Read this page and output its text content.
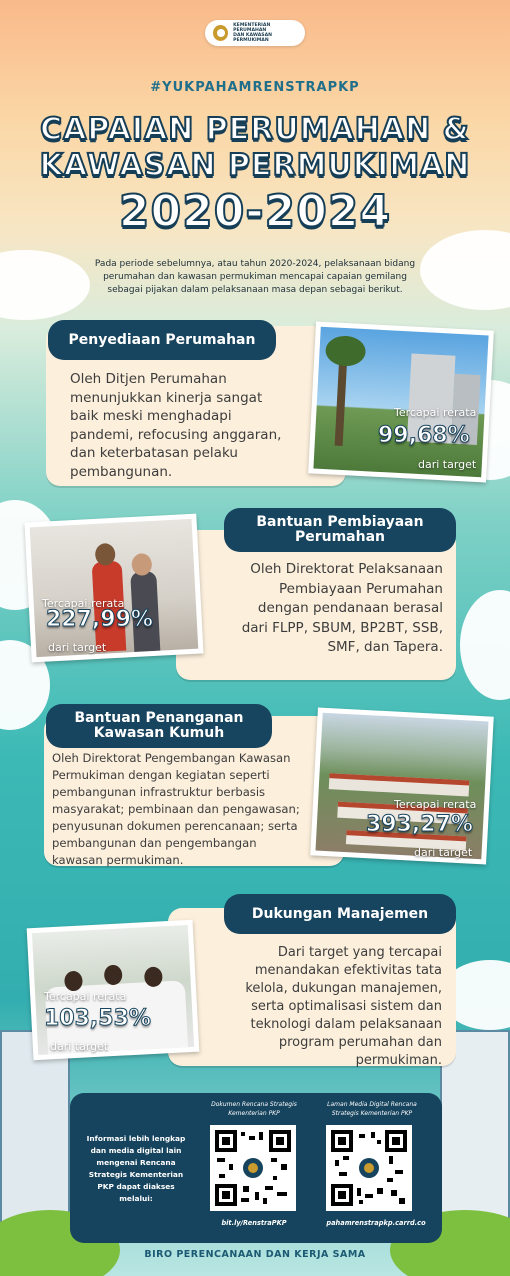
KEMENTERIAN PERUMAHAN
DAN KAWASAN PERMUKIMAN
#YUKPAHAMRENSTRAPKP
CAPAIAN PERUMAHAN &
KAWASAN PERMUKIMAN
2020-2024
Pada periode sebelumnya, atau tahun 2020-2024, pelaksanaan bidang perumahan dan kawasan permukiman mencapai capaian gemilang sebagai pijakan dalam pelaksanaan masa depan sebagai berikut.
Penyediaan Perumahan
Oleh Ditjen Perumahan menunjukkan kinerja sangat baik meski menghadapi pandemi, refocusing anggaran, dan keterbatasan pelaku pembangunan.
Tercapai rerata
99,68%
dari target
Bantuan Pembiayaan Perumahan
Oleh Direktorat Pelaksanaan Pembiayaan Perumahan dengan pendanaan berasal dari FLPP, SBUM, BP2BT, SSB, SMF, dan Tapera.
Tercapai rerata
227,99%
dari target
Bantuan Penanganan Kawasan Kumuh
Oleh Direktorat Pengembangan Kawasan Permukiman dengan kegiatan seperti pembangunan infrastruktur berbasis masyarakat; pembinaan dan pengawasan; penyusunan dokumen perencanaan; serta pembangunan dan pengembangan kawasan permukiman.
Tercapai rerata
393,27%
dari target
Dukungan Manajemen
Dari target yang tercapai menandakan efektivitas tata kelola, dukungan manajemen, serta optimalisasi sistem dan teknologi dalam pelaksanaan program perumahan dan permukiman.
Tercapai rerata
103,53%
dari target
Informasi lebih lengkap dan media digital lain mengenai Rencana Strategis Kementerian PKP dapat diakses melalui:
Dokumen Rencana Strategis Kementerian PKP
bit.ly/RenstraPKP
Laman Media Digital Rencana Strategis Kementerian PKP
pahamrenstrapkp.carrd.co
BIRO PERENCANAAN DAN KERJA SAMA
